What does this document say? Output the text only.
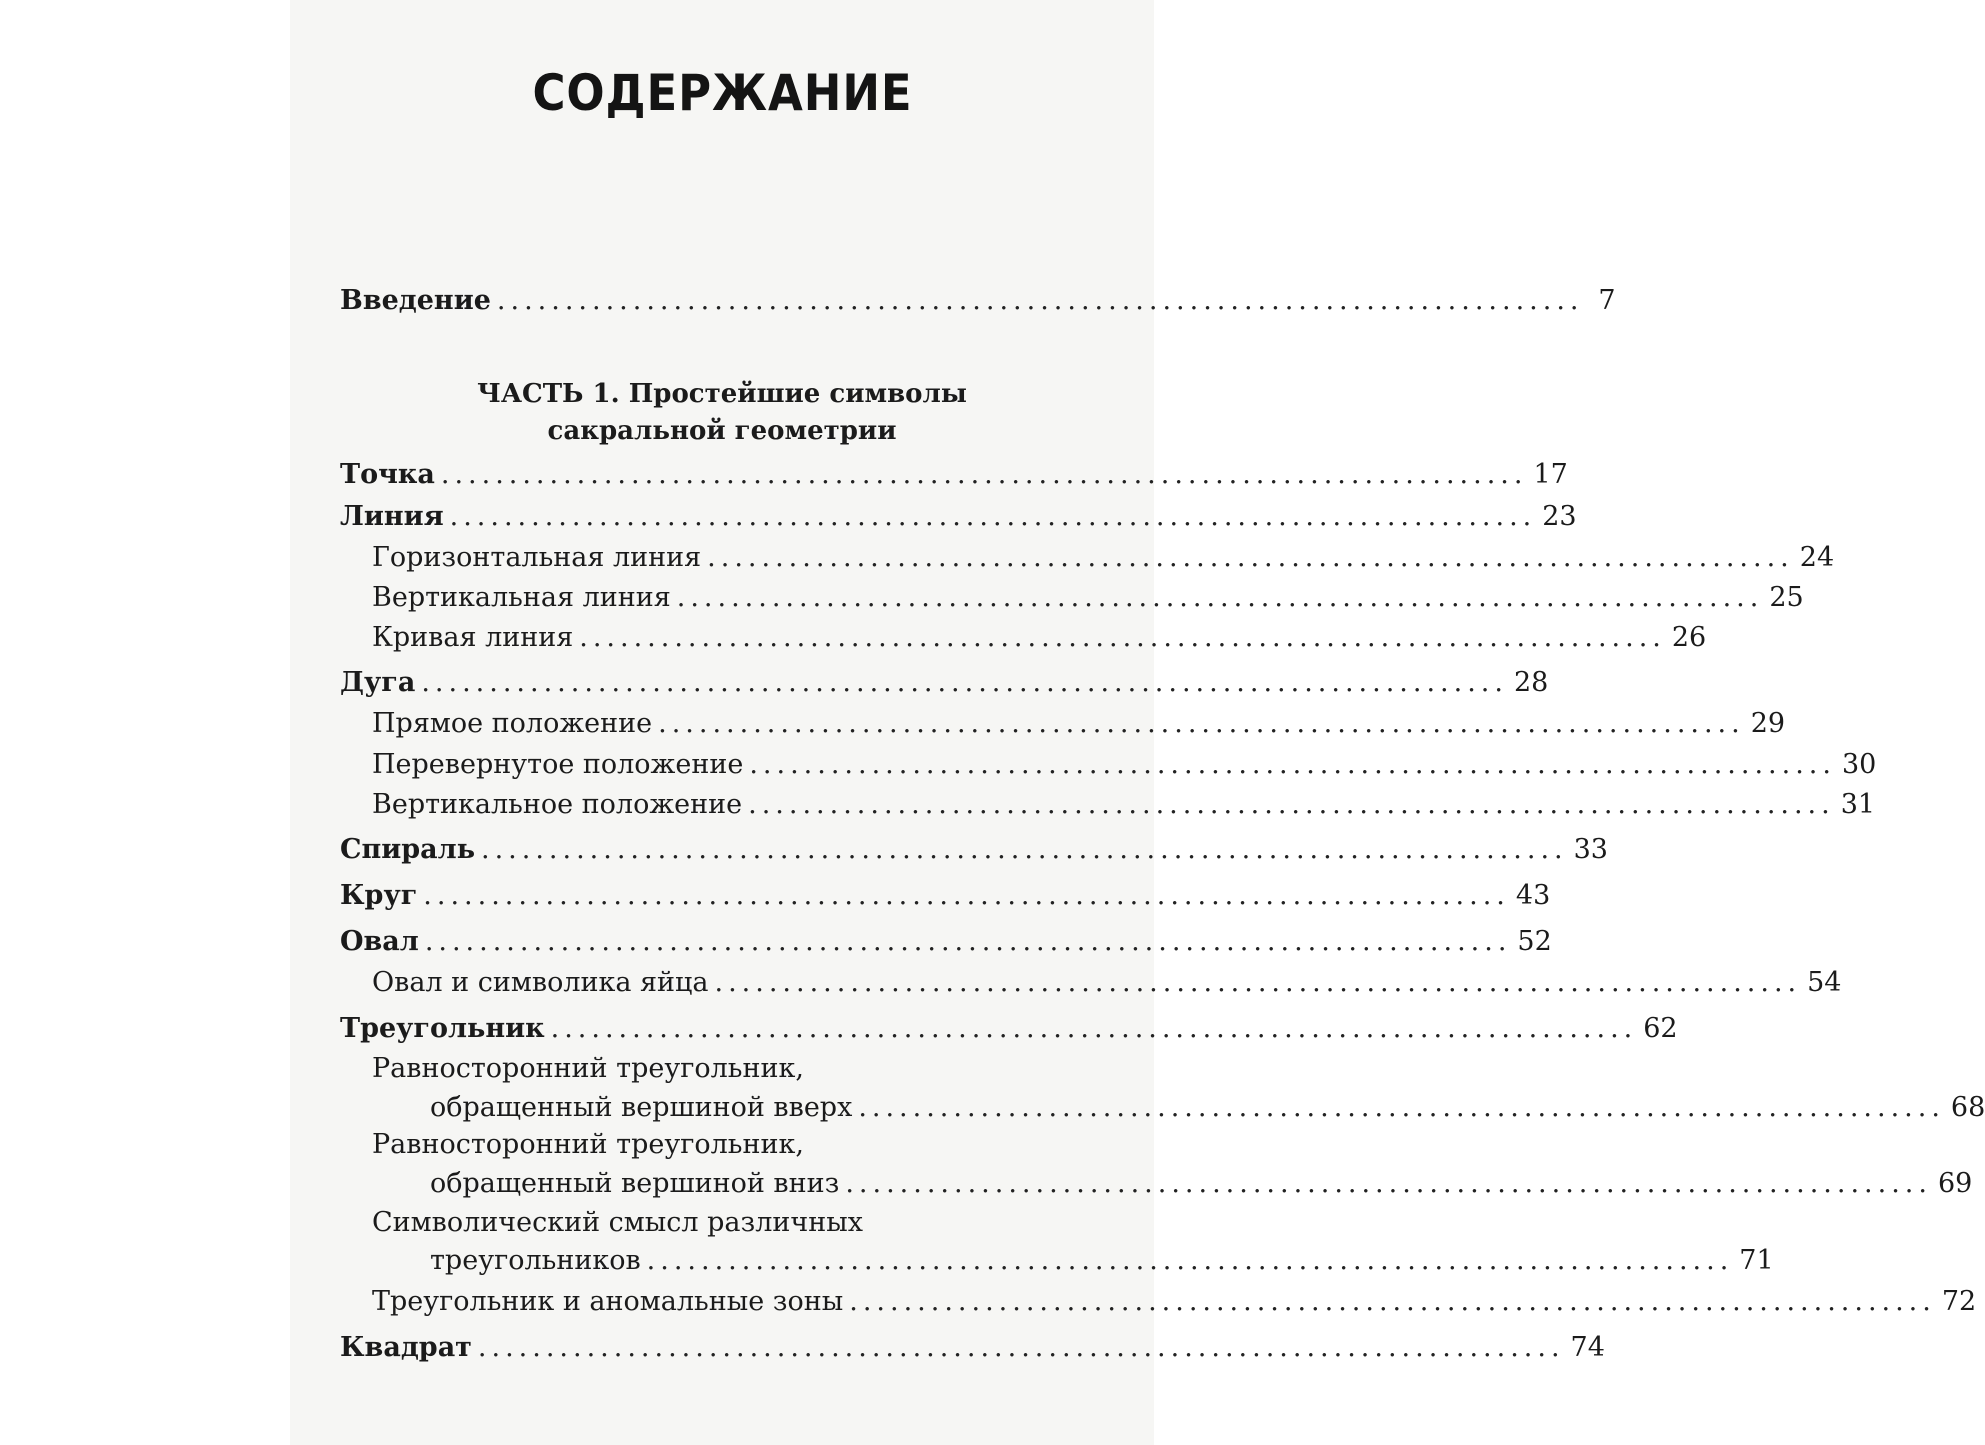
СОДЕРЖАНИЕ
Введение ................................................................................ 7
ЧАСТЬ 1. Простейшие символы
сакральной геометрии
Точка ................................................................................ 17
Линия ................................................................................ 23
Горизонтальная линия ................................................................................ 24
Вертикальная линия ................................................................................ 25
Кривая линия ................................................................................ 26
Дуга ................................................................................ 28
Прямое положение ................................................................................ 29
Перевернутое положение ................................................................................ 30
Вертикальное положение ................................................................................ 31
Спираль ................................................................................ 33
Круг ................................................................................ 43
Овал ................................................................................ 52
Овал и символика яйца ................................................................................ 54
Треугольник ................................................................................ 62
Равносторонний треугольник,
обращенный вершиной вверх ................................................................................ 68
Равносторонний треугольник,
обращенный вершиной вниз ................................................................................ 69
Символический смысл различных
треугольников ................................................................................ 71
Треугольник и аномальные зоны ................................................................................ 72
Квадрат ................................................................................ 74
